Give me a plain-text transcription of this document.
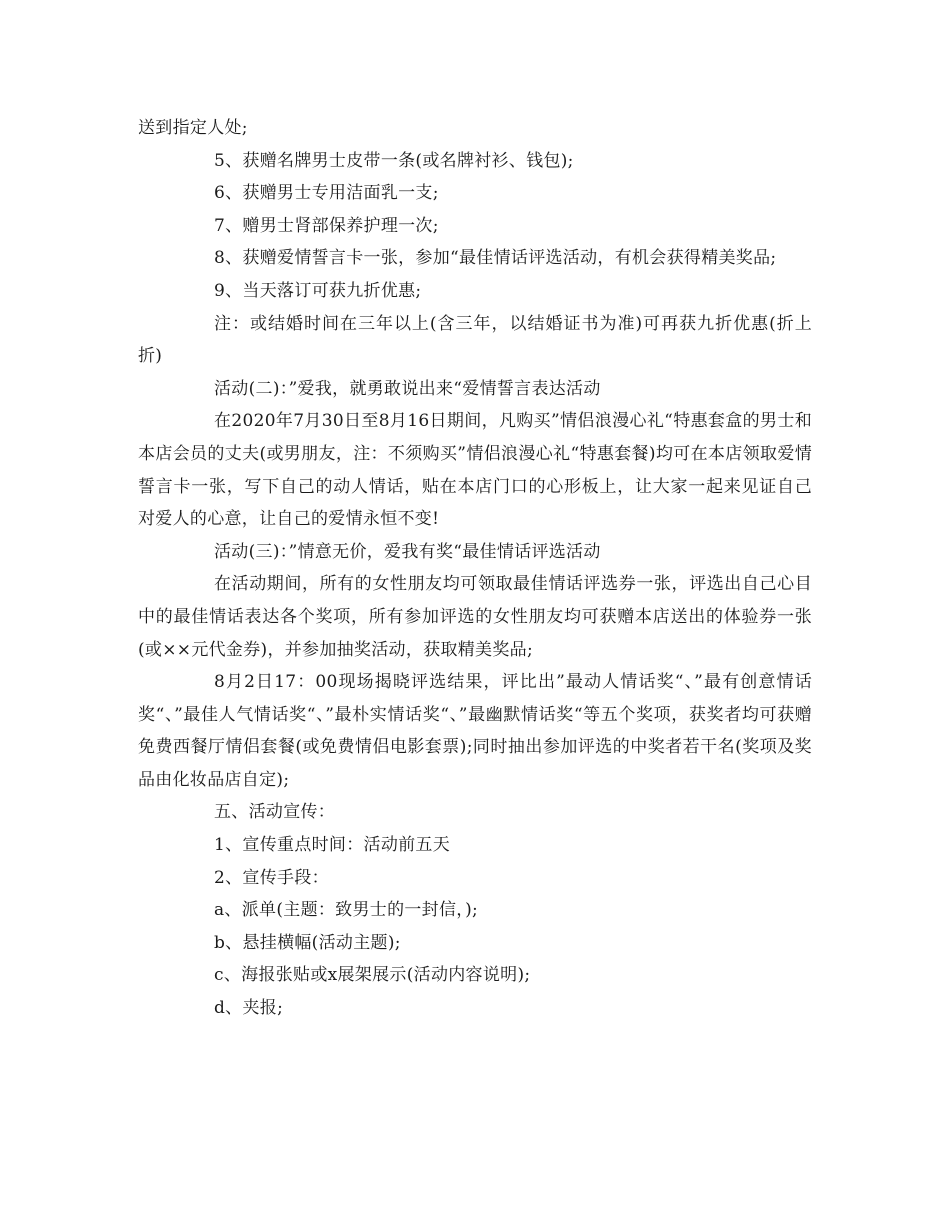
送到指定人处;

5、获赠名牌男士皮带一条(或名牌衬衫、钱包);

6、获赠男士专用洁面乳一支;

7、赠男士肾部保养护理一次;

8、获赠爱情誓言卡一张，参加“最佳情话评选活动，有机会获得精美奖品;

9、当天落订可获九折优惠;

注：或结婚时间在三年以上(含三年，以结婚证书为准)可再获九折优惠(折上折)

活动(二)：”爱我，就勇敢说出来“爱情誓言表达活动

在2020年7月30日至8月16日期间，凡购买”情侣浪漫心礼“特惠套盒的男士和本店会员的丈夫(或男朋友，注：不须购买”情侣浪漫心礼“特惠套餐)均可在本店领取爱情誓言卡一张，写下自己的动人情话，贴在本店门口的心形板上，让大家一起来见证自己对爱人的心意，让自己的爱情永恒不变!

活动(三)：”情意无价，爱我有奖“最佳情话评选活动

在活动期间，所有的女性朋友均可领取最佳情话评选券一张，评选出自己心目中的最佳情话表达各个奖项，所有参加评选的女性朋友均可获赠本店送出的体验券一张(或××元代金券)，并参加抽奖活动，获取精美奖品;

8月2日17：00现场揭晓评选结果，评比出”最动人情话奖“、”最有创意情话奖“、”最佳人气情话奖“、”最朴实情话奖“、”最幽默情话奖“等五个奖项，获奖者均可获赠免费西餐厅情侣套餐(或免费情侣电影套票);同时抽出参加评选的中奖者若干名(奖项及奖品由化妆品店自定);

五、活动宣传：

1、宣传重点时间：活动前五天

2、宣传手段：

a、派单(主题：致男士的一封信，);

b、悬挂横幅(活动主题);

c、海报张贴或x展架展示(活动内容说明);

d、夹报;
